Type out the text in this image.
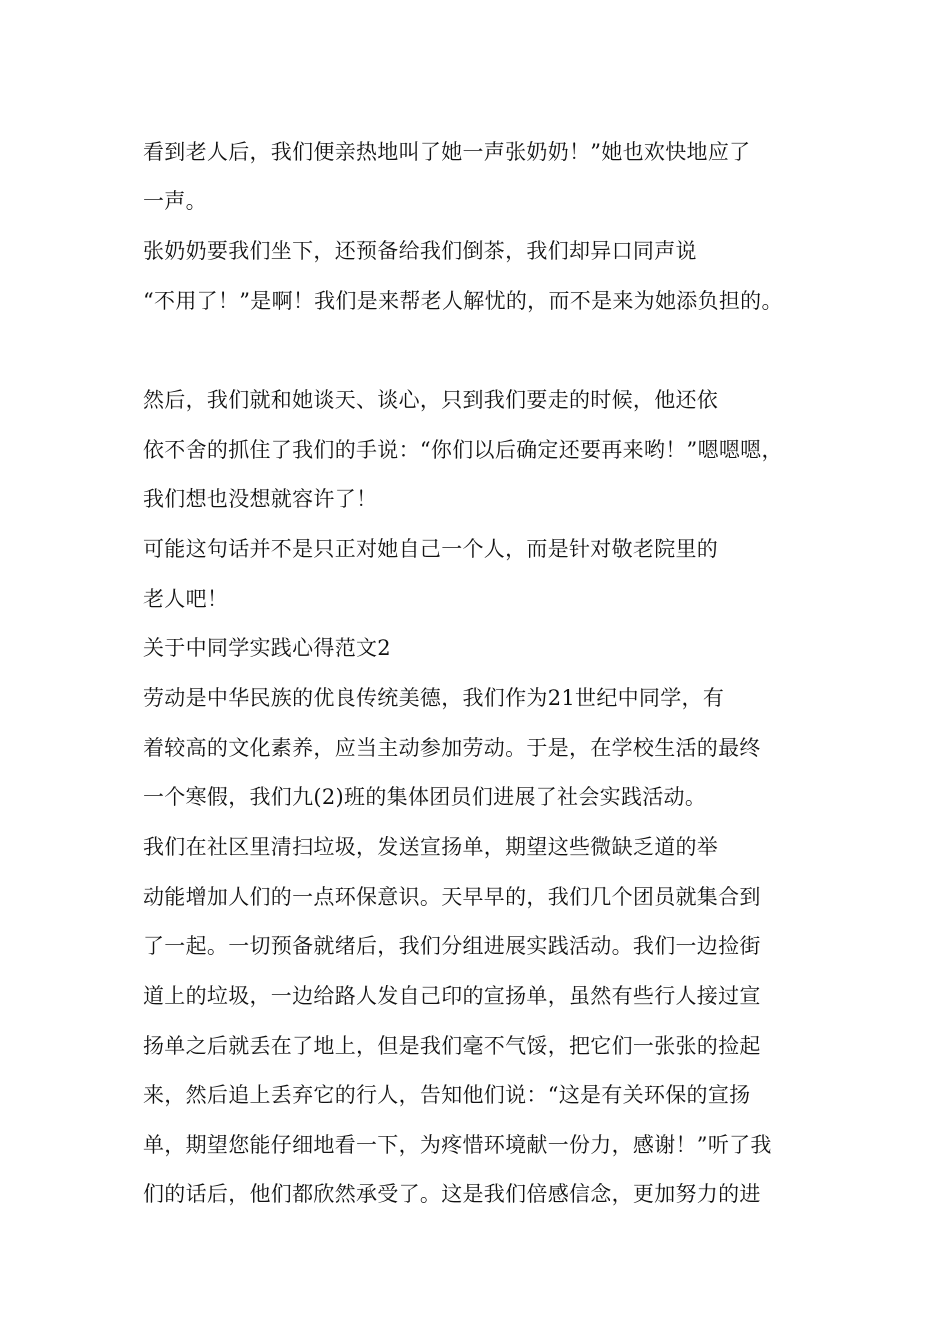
看到老人后，我们便亲热地叫了她一声张奶奶！”她也欢快地应了
一声。
张奶奶要我们坐下，还预备给我们倒茶，我们却异口同声说
“不用了！”是啊！我们是来帮老人解忧的，而不是来为她添负担的。
然后，我们就和她谈天、谈心，只到我们要走的时候，他还依
依不舍的抓住了我们的手说：“你们以后确定还要再来哟！”嗯嗯嗯，
我们想也没想就容许了！
可能这句话并不是只正对她自己一个人，而是针对敬老院里的
老人吧！
关于中同学实践心得范文2
劳动是中华民族的优良传统美德，我们作为21世纪中同学，有
着较高的文化素养，应当主动参加劳动。于是，在学校生活的最终
一个寒假，我们九(2)班的集体团员们进展了社会实践活动。
我们在社区里清扫垃圾，发送宣扬单，期望这些微缺乏道的举
动能增加人们的一点环保意识。天早早的，我们几个团员就集合到
了一起。一切预备就绪后，我们分组进展实践活动。我们一边捡街
道上的垃圾，一边给路人发自己印的宣扬单，虽然有些行人接过宣
扬单之后就丢在了地上，但是我们毫不气馁，把它们一张张的捡起
来，然后追上丢弃它的行人，告知他们说：“这是有关环保的宣扬
单，期望您能仔细地看一下，为疼惜环境献一份力，感谢！”听了我
们的话后，他们都欣然承受了。这是我们倍感信念，更加努力的进
